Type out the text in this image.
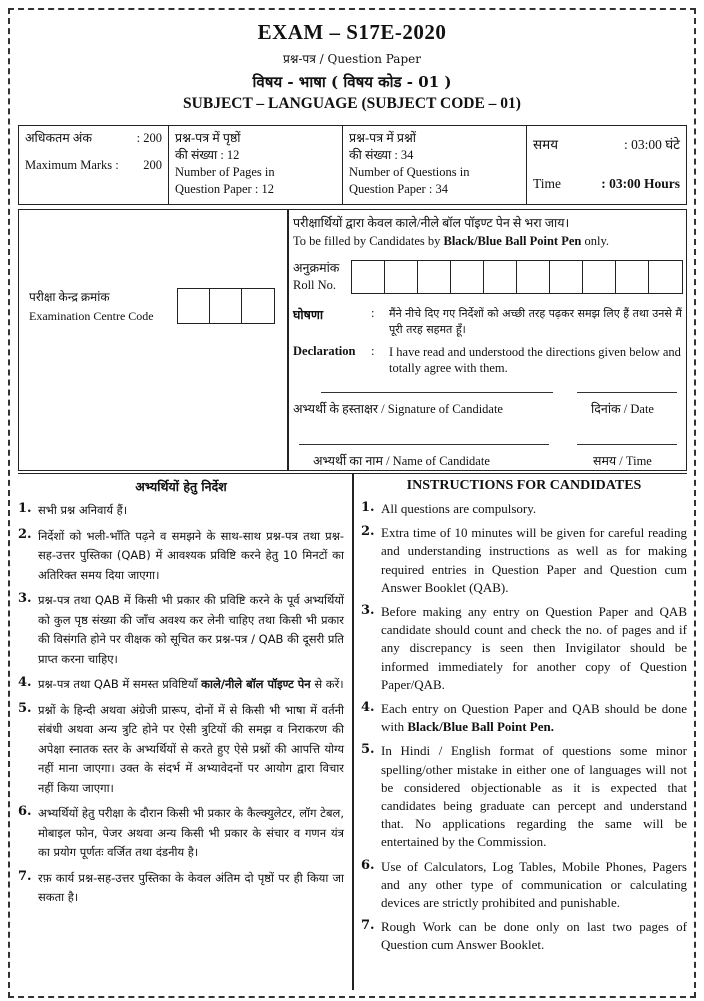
EXAM – S17E-2020
प्रश्न-पत्र / Question Paper
विषय - भाषा ( विषय कोड - 01 )
SUBJECT – LANGUAGE (SUBJECT CODE – 01)
अधिकतम अंक	: 200
Maximum Marks : 200
प्रश्न-पत्र में पृष्ठों
की संख्या : 12
Number of Pages in
Question Paper : 12
प्रश्न-पत्र में प्रश्नों
की संख्या : 34
Number of Questions in
Question Paper : 34
समय	: 03:00 घंटे
Time	: 03:00 Hours
परीक्षा केन्द्र क्रमांक
Examination Centre Code
परीक्षार्थियों द्वारा केवल काले/नीले बॉल पॉइण्ट पेन से भरा जाय।
To be filled by Candidates by Black/Blue Ball Point Pen only.
अनुक्रमांक
Roll No.
घोषणा	:	मैंने नीचे दिए गए निर्देशों को अच्छी तरह पढ़कर समझ लिए हैं तथा उनसे मैं पूरी तरह सहमत हूँ।
Declaration	:	I have read and understood the directions given below and totally agree with them.
अभ्यर्थी के हस्ताक्षर / Signature of Candidate	दिनांक / Date
अभ्यर्थी का नाम / Name of Candidate	समय / Time
अभ्यर्थियों हेतु निर्देश
1. सभी प्रश्न अनिवार्य हैं।
2. निर्देशों को भली-भाँति पढ़ने व समझने के साथ-साथ प्रश्न-पत्र तथा प्रश्न-सह-उत्तर पुस्तिका (QAB) में आवश्यक प्रविष्टि करने हेतु 10 मिनटों का अतिरिक्त समय दिया जाएगा।
3. प्रश्न-पत्र तथा QAB में किसी भी प्रकार की प्रविष्टि करने के पूर्व अभ्यर्थियों को कुल पृष्ठ संख्या की जाँच अवश्य कर लेनी चाहिए तथा किसी भी प्रकार की विसंगति होने पर वीक्षक को सूचित कर प्रश्न-पत्र / QAB की दूसरी प्रति प्राप्त करना चाहिए।
4. प्रश्न-पत्र तथा QAB में समस्त प्रविष्टियाँ काले/नीले बॉल पॉइण्ट पेन से करें।
5. प्रश्नों के हिन्दी अथवा अंग्रेजी प्रारूप, दोनों में से किसी भी भाषा में वर्तनी संबंधी अथवा अन्य त्रुटि होने पर ऐसी त्रुटियों की समझ व निराकरण की अपेक्षा स्नातक स्तर के अभ्यर्थियों से करते हुए ऐसे प्रश्नों की आपत्ति योग्य नहीं माना जाएगा। उक्त के संदर्भ में अभ्यावेदनों पर आयोग द्वारा विचार नहीं किया जाएगा।
6. अभ्यर्थियों हेतु परीक्षा के दौरान किसी भी प्रकार के कैल्क्युलेटर, लॉग टेबल, मोबाइल फोन, पेजर अथवा अन्य किसी भी प्रकार के संचार व गणन यंत्र का प्रयोग पूर्णतः वर्जित तथा दंडनीय है।
7. रफ़ कार्य प्रश्न-सह-उत्तर पुस्तिका के केवल अंतिम दो पृष्ठों पर ही किया जा सकता है।
INSTRUCTIONS FOR CANDIDATES
1. All questions are compulsory.
2. Extra time of 10 minutes will be given for careful reading and understanding instructions as well as for making required entries in Question Paper and Question cum Answer Booklet (QAB).
3. Before making any entry on Question Paper and QAB candidate should count and check the no. of pages and if any discrepancy is seen then Invigilator should be informed immediately for another copy of Question Paper/QAB.
4. Each entry on Question Paper and QAB should be done with Black/Blue Ball Point Pen.
5. In Hindi / English format of questions some minor spelling/other mistake in either one of languages will not be considered objectionable as it is expected that candidates being graduate can percept and understand that. No applications regarding the same will be entertained by the Commission.
6. Use of Calculators, Log Tables, Mobile Phones, Pagers and any other type of communication or calculating devices are strictly prohibited and punishable.
7. Rough Work can be done only on last two pages of Question cum Answer Booklet.
